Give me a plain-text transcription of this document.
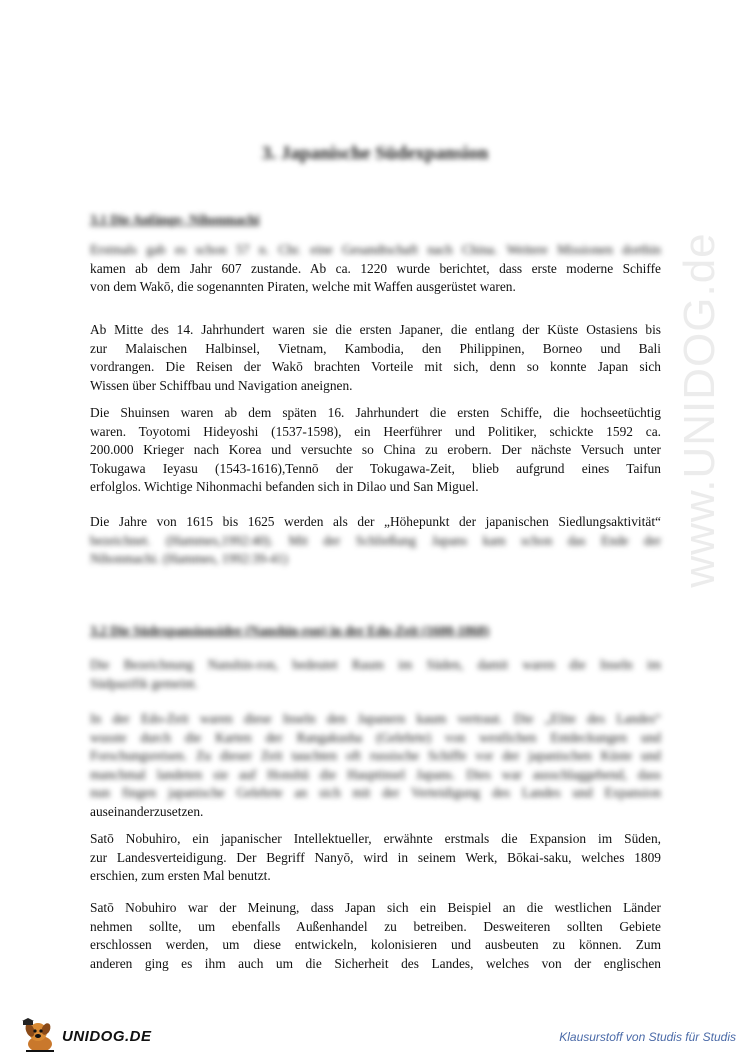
www.UNIDOG.de
3. Japanische Südexpansion
3.1 Die Anfänge- Nihonmachi
Erstmals gab es schon 57 n. Chr. eine Gesandtschaft nach China. Weitere Missionen dorthin
kamen ab dem Jahr 607 zustande. Ab ca. 1220 wurde berichtet, dass erste moderne Schiffe
von dem Wakō, die sogenannten Piraten, welche mit Waffen ausgerüstet waren.
Ab Mitte des 14. Jahrhundert waren sie die ersten Japaner, die entlang der Küste Ostasiens bis
zur Malaischen Halbinsel, Vietnam, Kambodia, den Philippinen, Borneo und Bali
vordrangen. Die Reisen der Wakō brachten Vorteile mit sich, denn so konnte Japan sich
Wissen über Schiffbau und Navigation aneignen.
Die Shuinsen waren ab dem späten 16. Jahrhundert die ersten Schiffe, die hochseetüchtig
waren. Toyotomi Hideyoshi (1537-1598), ein Heerführer und Politiker, schickte 1592 ca.
200.000 Krieger nach Korea und versuchte so China zu erobern. Der nächste Versuch unter
Tokugawa Ieyasu (1543-1616),Tennō der Tokugawa-Zeit, blieb aufgrund eines Taifun
erfolglos. Wichtige Nihonmachi befanden sich in Dilao und San Miguel.
Die Jahre von 1615 bis 1625 werden als der „Höhepunkt der japanischen Siedlungsaktivität“
bezeichnet. (Hammes,1992:40). Mit der Schließung Japans kam schon das Ende der
Nihonmachi. (Hammes, 1992:39-41)
3.2 Die Südexpansionsidee (Nanshin-ron) in der Edo-Zeit (1600-1868)
Die Bezeichnung Nanshin-ron, bedeutet Raum im Süden, damit waren die Inseln im
Südpazifik gemeint.
In der Edo-Zeit waren diese Inseln den Japanern kaum vertraut. Die „Elite des Landes“
wusste durch die Karten der Rangakusha (Gelehrte) von westlichen Entdeckungen und
Forschungsreisen. Zu dieser Zeit tauchten oft russische Schiffe vor der japanischen Küste und
manchmal landeten sie auf Honshū die Hauptinsel Japans. Dies war ausschlaggebend, dass
nun fingen japanische Gelehrte an sich mit der Verteidigung des Landes und Expansion
auseinanderzusetzen.
Satō Nobuhiro, ein japanischer Intellektueller, erwähnte erstmals die Expansion im Süden,
zur Landesverteidigung. Der Begriff Nanyō, wird in seinem Werk, Bōkai-saku, welches 1809
erschien, zum ersten Mal benutzt.
Satō Nobuhiro war der Meinung, dass Japan sich ein Beispiel an die westlichen Länder
nehmen sollte, um ebenfalls Außenhandel zu betreiben. Desweiteren sollten Gebiete
erschlossen werden, um diese entwickeln, kolonisieren und ausbeuten zu können. Zum
anderen ging es ihm auch um die Sicherheit des Landes, welches von der englischen
UNIDOG.DE	Klausurstoff von Studis für Studis
